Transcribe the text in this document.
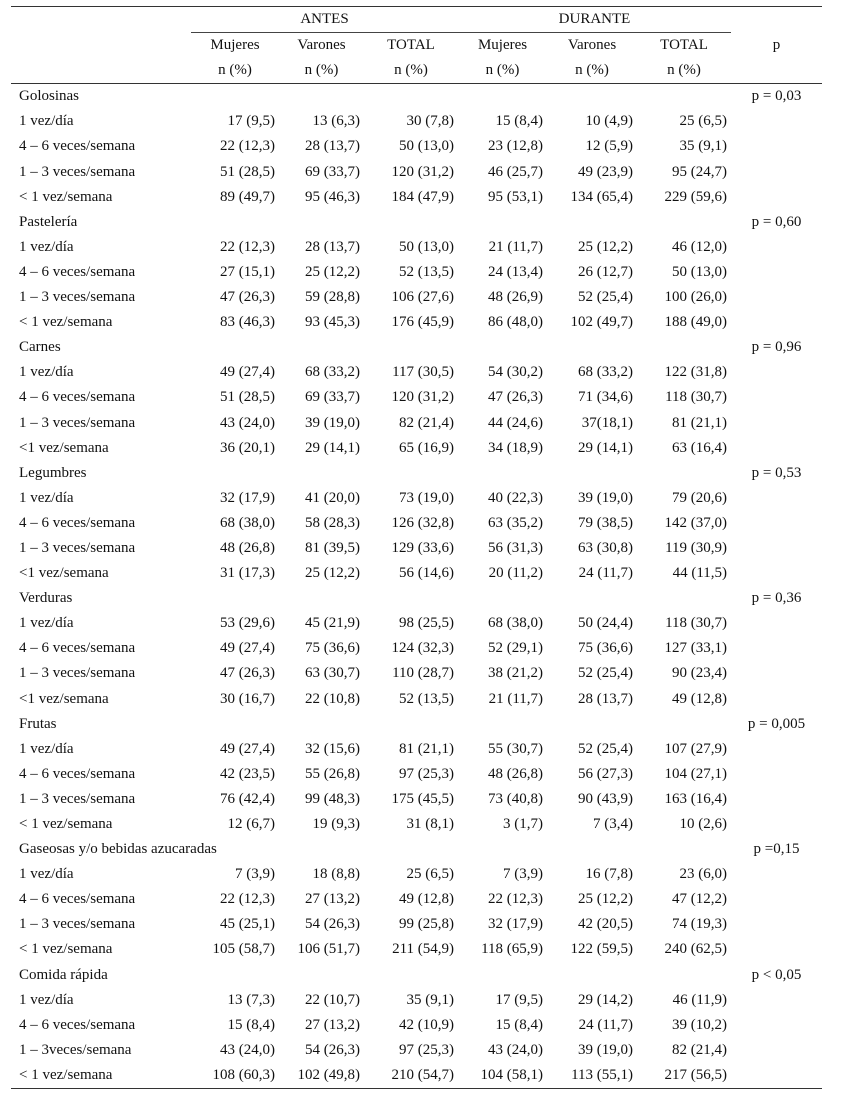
	ANTES			DURANTE			
	Mujeres	Varones	TOTAL	Mujeres	Varones	TOTAL	p
	n (%)	n (%)	n (%)	n (%)	n (%)	n (%)	
Golosinas							p = 0,03
1 vez/día	17 (9,5)	13 (6,3)	30 (7,8)	15 (8,4)	10 (4,9)	25 (6,5)	
4 – 6 veces/semana	22 (12,3)	28 (13,7)	50 (13,0)	23 (12,8)	12 (5,9)	35 (9,1)	
1 – 3 veces/semana	51 (28,5)	69 (33,7)	120 (31,2)	46 (25,7)	49 (23,9)	95 (24,7)	
< 1 vez/semana	89 (49,7)	95 (46,3)	184 (47,9)	95 (53,1)	134 (65,4)	229 (59,6)	
Pastelería							p = 0,60
1 vez/día	22 (12,3)	28 (13,7)	50 (13,0)	21 (11,7)	25 (12,2)	46 (12,0)	
4 – 6 veces/semana	27 (15,1)	25 (12,2)	52 (13,5)	24 (13,4)	26 (12,7)	50 (13,0)	
1 – 3 veces/semana	47 (26,3)	59 (28,8)	106 (27,6)	48 (26,9)	52 (25,4)	100 (26,0)	
< 1 vez/semana	83 (46,3)	93 (45,3)	176 (45,9)	86 (48,0)	102 (49,7)	188 (49,0)	
Carnes							p = 0,96
1 vez/día	49 (27,4)	68 (33,2)	117 (30,5)	54 (30,2)	68 (33,2)	122 (31,8)	
4 – 6 veces/semana	51 (28,5)	69 (33,7)	120 (31,2)	47 (26,3)	71 (34,6)	118 (30,7)	
1 – 3 veces/semana	43 (24,0)	39 (19,0)	82 (21,4)	44 (24,6)	37(18,1)	81 (21,1)	
<1 vez/semana	36 (20,1)	29 (14,1)	65 (16,9)	34 (18,9)	29 (14,1)	63 (16,4)	
Legumbres							p = 0,53
1 vez/día	32 (17,9)	41 (20,0)	73 (19,0)	40 (22,3)	39 (19,0)	79 (20,6)	
4 – 6 veces/semana	68 (38,0)	58 (28,3)	126 (32,8)	63 (35,2)	79 (38,5)	142 (37,0)	
1 – 3 veces/semana	48 (26,8)	81 (39,5)	129 (33,6)	56 (31,3)	63 (30,8)	119 (30,9)	
<1 vez/semana	31 (17,3)	25 (12,2)	56 (14,6)	20 (11,2)	24 (11,7)	44 (11,5)	
Verduras							p = 0,36
1 vez/día	53 (29,6)	45 (21,9)	98 (25,5)	68 (38,0)	50 (24,4)	118 (30,7)	
4 – 6 veces/semana	49 (27,4)	75 (36,6)	124 (32,3)	52 (29,1)	75 (36,6)	127 (33,1)	
1 – 3 veces/semana	47 (26,3)	63 (30,7)	110 (28,7)	38 (21,2)	52 (25,4)	90 (23,4)	
<1 vez/semana	30 (16,7)	22 (10,8)	52 (13,5)	21 (11,7)	28 (13,7)	49 (12,8)	
Frutas							p = 0,005
1 vez/día	49 (27,4)	32 (15,6)	81 (21,1)	55 (30,7)	52 (25,4)	107 (27,9)	
4 – 6 veces/semana	42 (23,5)	55 (26,8)	97 (25,3)	48 (26,8)	56 (27,3)	104 (27,1)	
1 – 3 veces/semana	76 (42,4)	99 (48,3)	175 (45,5)	73 (40,8)	90 (43,9)	163 (16,4)	
< 1 vez/semana	12 (6,7)	19 (9,3)	31 (8,1)	3 (1,7)	7 (3,4)	10 (2,6)	
Gaseosas y/o bebidas azucaradas							p =0,15
1 vez/día	7 (3,9)	18 (8,8)	25 (6,5)	7 (3,9)	16 (7,8)	23 (6,0)	
4 – 6 veces/semana	22 (12,3)	27 (13,2)	49 (12,8)	22 (12,3)	25 (12,2)	47 (12,2)	
1 – 3 veces/semana	45 (25,1)	54 (26,3)	99 (25,8)	32 (17,9)	42 (20,5)	74 (19,3)	
< 1 vez/semana	105 (58,7)	106 (51,7)	211 (54,9)	118 (65,9)	122 (59,5)	240 (62,5)	
Comida rápida							p < 0,05
1 vez/día	13 (7,3)	22 (10,7)	35 (9,1)	17 (9,5)	29 (14,2)	46 (11,9)	
4 – 6 veces/semana	15 (8,4)	27 (13,2)	42 (10,9)	15 (8,4)	24 (11,7)	39 (10,2)	
1 – 3veces/semana	43 (24,0)	54 (26,3)	97 (25,3)	43 (24,0)	39 (19,0)	82 (21,4)	
< 1 vez/semana	108 (60,3)	102 (49,8)	210 (54,7)	104 (58,1)	113 (55,1)	217 (56,5)	
